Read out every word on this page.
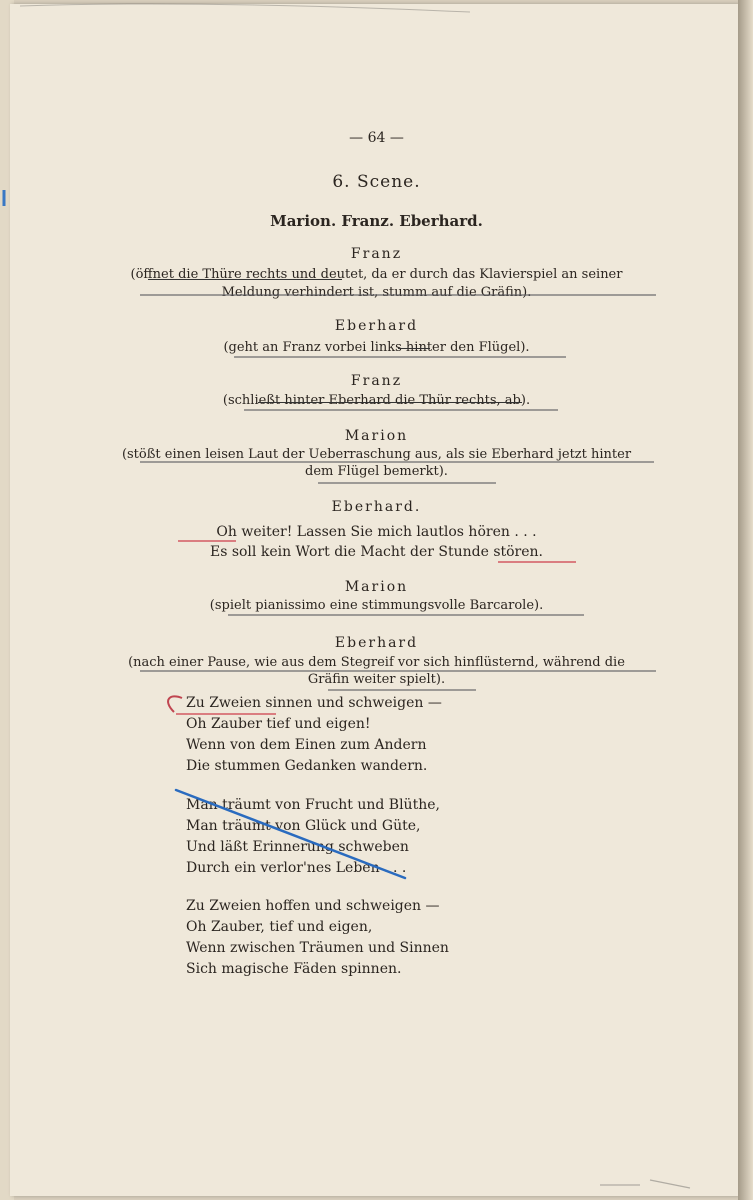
— 64 —
6. Scene.
Marion. Franz. Eberhard.
Franz
(öffnet die Thüre rechts und deutet, da er durch das Klavierspiel an seiner
Meldung verhindert ist, stumm auf die Gräfin).
Eberhard
(geht an Franz vorbei links hinter den Flügel).
Franz
(schließt hinter Eberhard die Thür rechts, ab).
Marion
(stößt einen leisen Laut der Ueberraschung aus, als sie Eberhard jetzt hinter
dem Flügel bemerkt).
Eberhard.
Oh weiter! Lassen Sie mich lautlos hören . . .
Es soll kein Wort die Macht der Stunde stören.
Marion
(spielt pianissimo eine stimmungsvolle Barcarole).
Eberhard
(nach einer Pause, wie aus dem Stegreif vor sich hinflüsternd, während die
Gräfin weiter spielt).
Zu Zweien sinnen und schweigen —
Oh Zauber tief und eigen!
Wenn von dem Einen zum Andern
Die stummen Gedanken wandern.
Man träumt von Frucht und Blüthe,
Man träumt von Glück und Güte,
Und läßt Erinnerung schweben
Durch ein verlor'nes Leben . . .
Zu Zweien hoffen und schweigen —
Oh Zauber, tief und eigen,
Wenn zwischen Träumen und Sinnen
Sich magische Fäden spinnen.
